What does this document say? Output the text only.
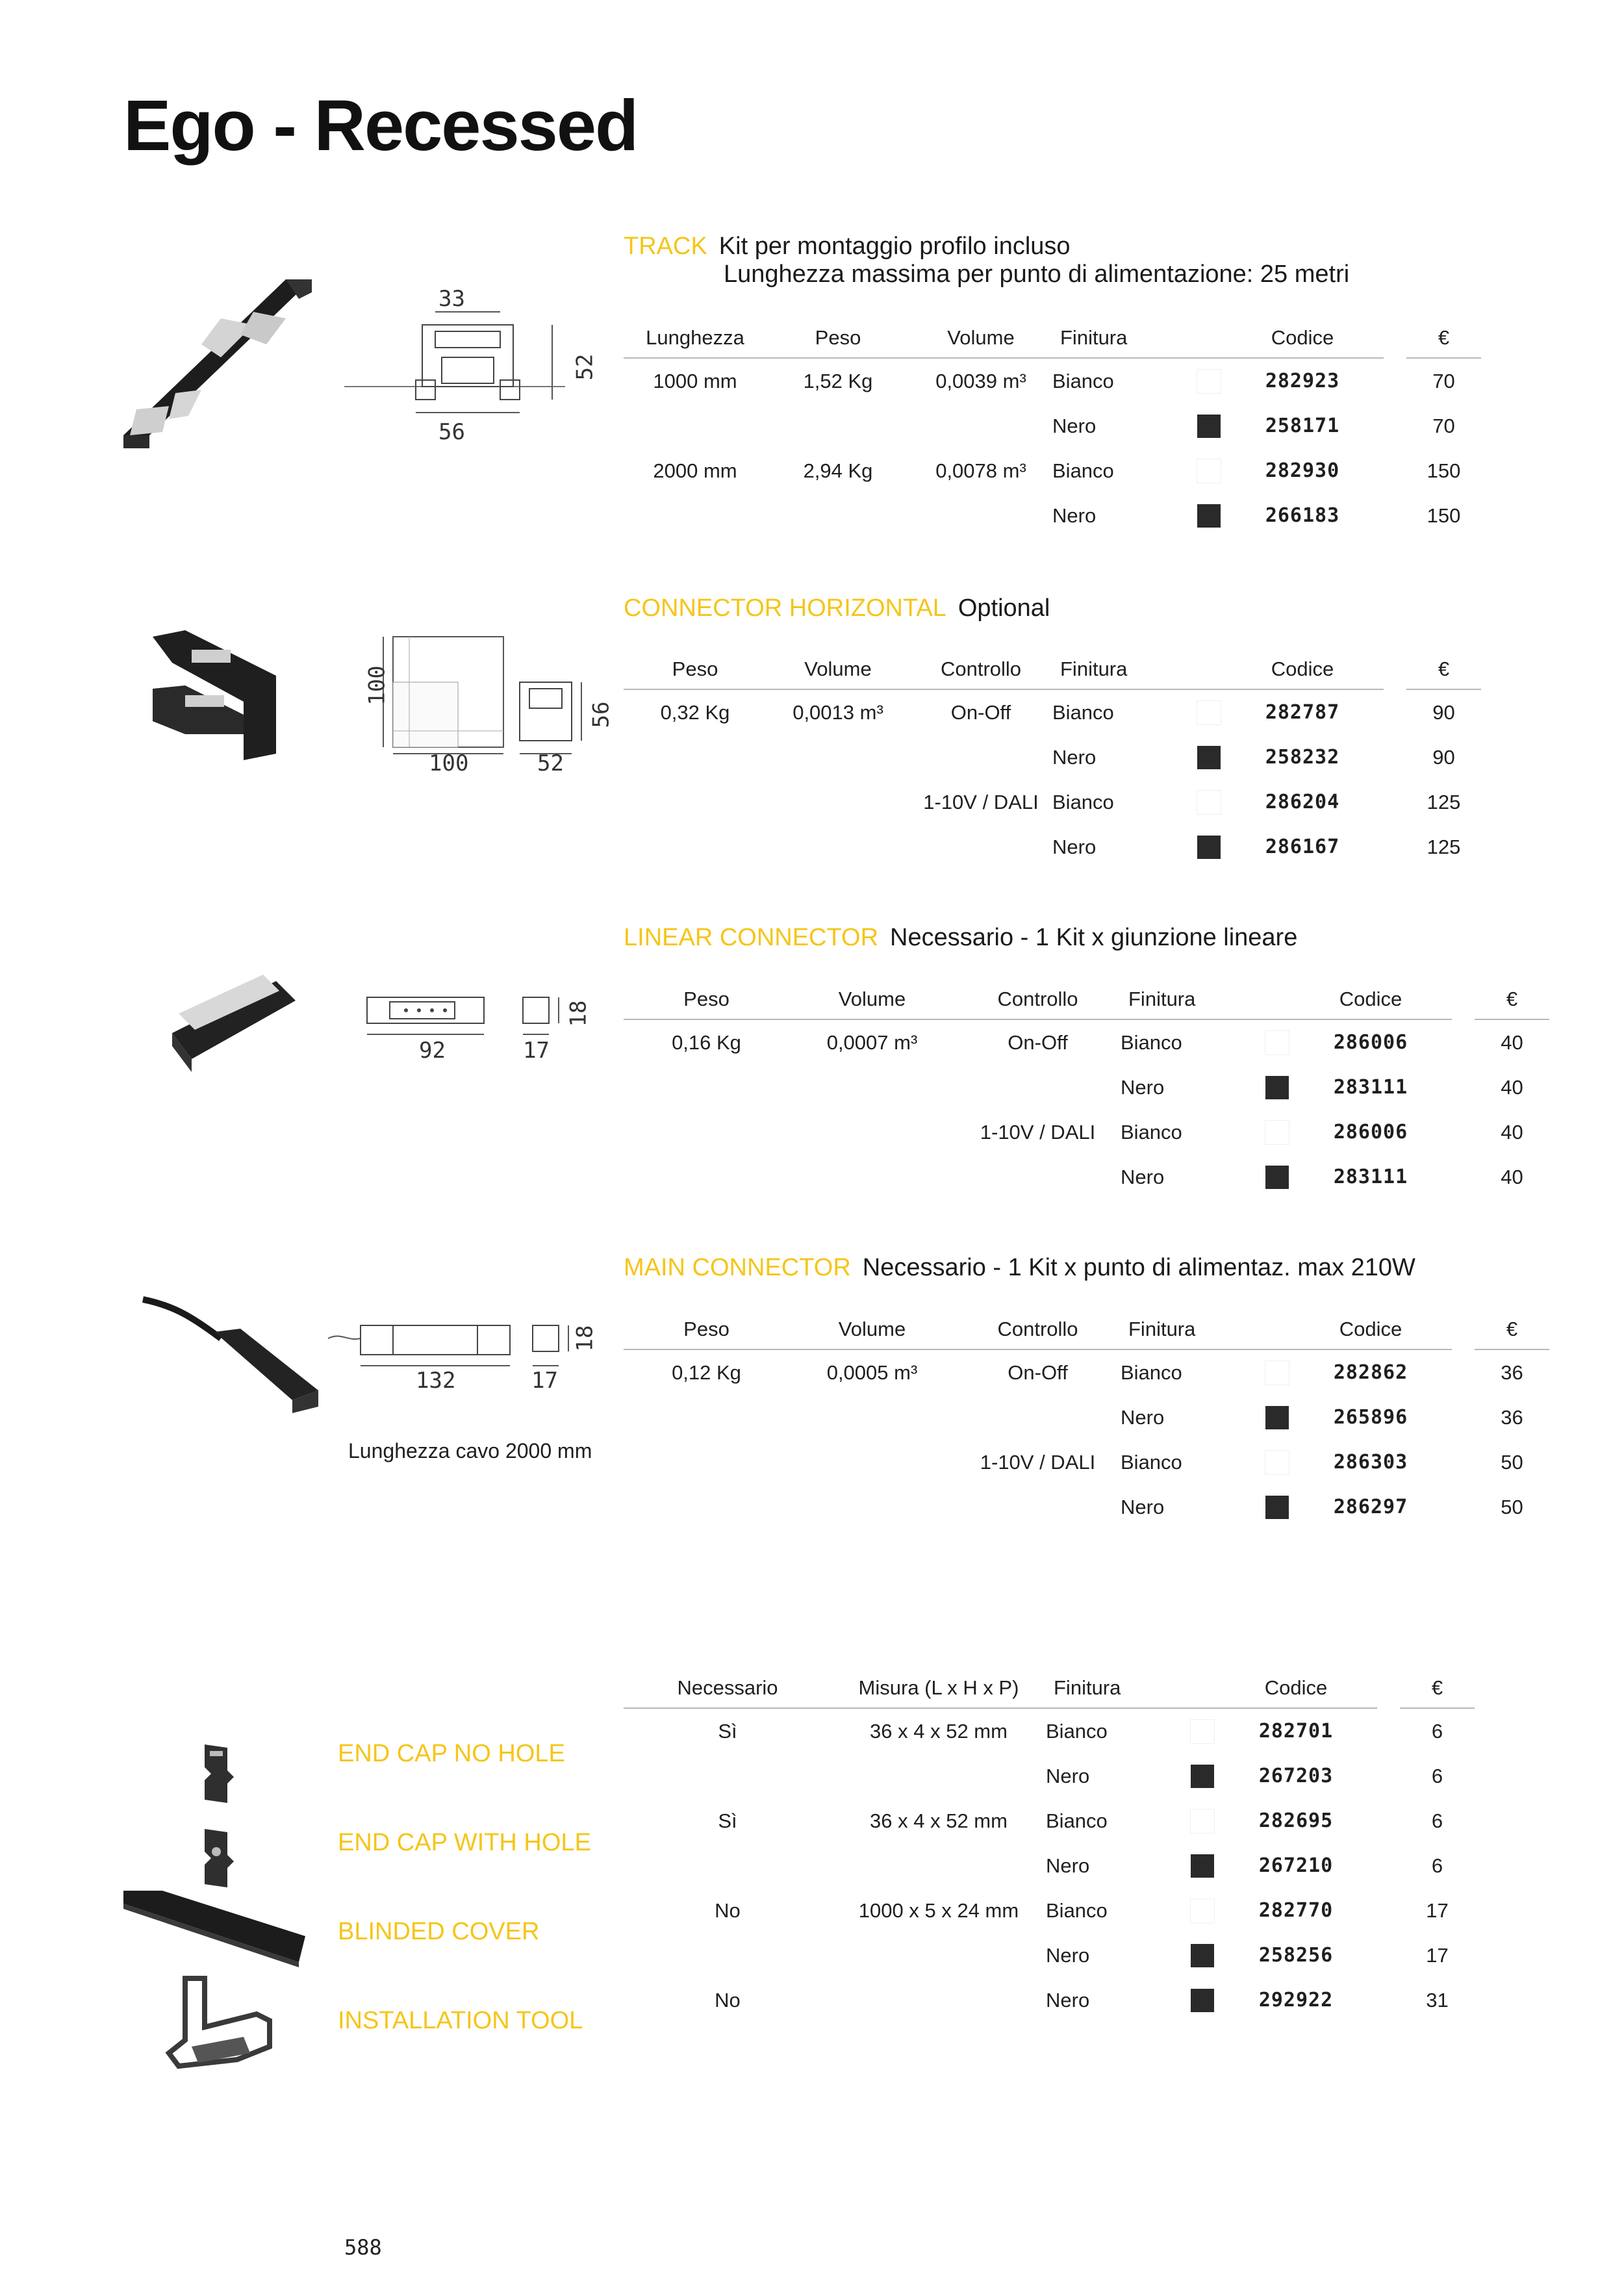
Ego - Recessed
33
56
52
TRACK Kit per montaggio profilo incluso
Lunghezza massima per punto di alimentazione: 25 metri
Lunghezza	Peso	Volume	Finitura		Codice		€
1000 mm	1,52 Kg	0,0039 m³	Bianco		282923		70
			Nero		258171		70
2000 mm	2,94 Kg	0,0078 m³	Bianco		282930		150
			Nero		266183		150
100
100	52
56
CONNECTOR HORIZONTAL Optional
Peso	Volume	Controllo	Finitura		Codice		€
0,32 Kg	0,0013 m³	On-Off	Bianco		282787		90
			Nero		258232		90
		1-10V / DALI	Bianco		286204		125
			Nero		286167		125
92	17
18
LINEAR CONNECTOR Necessario - 1 Kit x giunzione lineare
Peso	Volume	Controllo	Finitura		Codice		€
0,16 Kg	0,0007 m³	On-Off	Bianco		286006		40
			Nero		283111		40
		1-10V / DALI	Bianco		286006		40
			Nero		283111		40
132	17
18
Lunghezza cavo 2000 mm
MAIN CONNECTOR Necessario - 1 Kit x punto di alimentaz. max 210W
Peso	Volume	Controllo	Finitura		Codice		€
0,12 Kg	0,0005 m³	On-Off	Bianco		282862		36
			Nero		265896		36
		1-10V / DALI	Bianco		286303		50
			Nero		286297		50
END CAP NO HOLE
END CAP WITH HOLE
BLINDED COVER
INSTALLATION TOOL
Necessario	Misura (L x H x P)	Finitura		Codice		€
Sì	36 x 4 x 52 mm	Bianco		282701		6
		Nero		267203		6
Sì	36 x 4 x 52 mm	Bianco		282695		6
		Nero		267210		6
No	1000 x 5 x 24 mm	Bianco		282770		17
		Nero		258256		17
No		Nero		292922		31
588
